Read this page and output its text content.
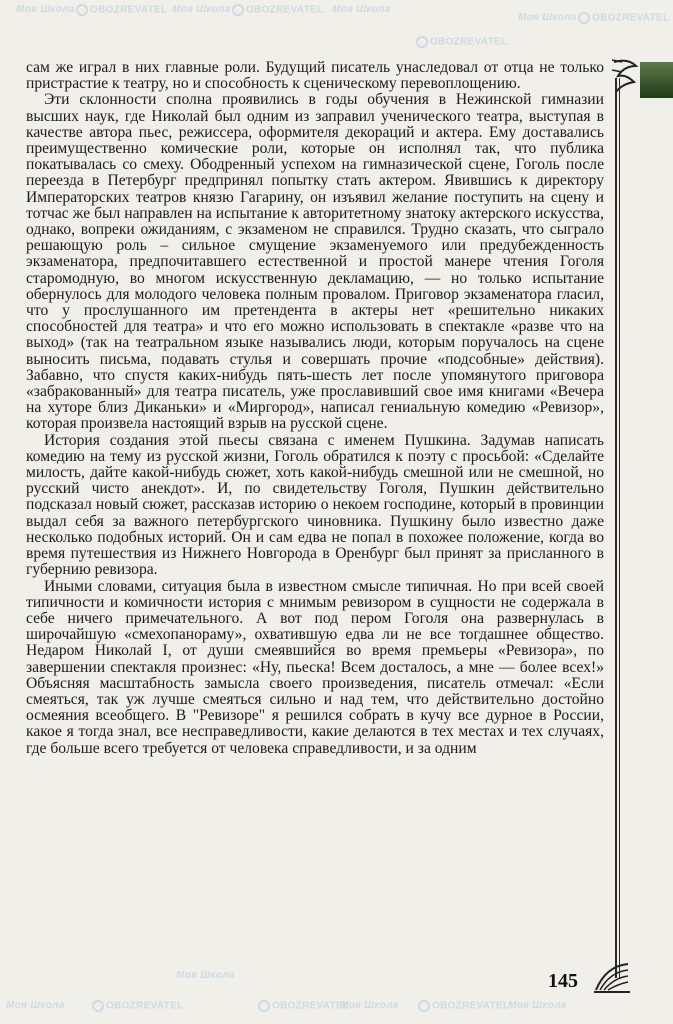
Моя Школа	OBOZREVATEL Моя Школа	OBOZREVATEL Моя Школа
OBOZREVATEL
Моя Школа	OBOZREVATEL
Моя Школа	OBOZREVATEL
Моя Школа
OBOZREVATEL
Моя Школа	OBOZREVATEL
Моя Школа

сам же играл в них главные роли. Будущий писатель унаследовал от отца не только пристрастие к театру, но и способность к сценическому перевоплощению.

Эти склонности сполна проявились в годы обучения в Нежинской гимназии высших наук, где Николай был одним из заправил ученического театра, выступая в качестве автора пьес, режиссера, оформителя декораций и актера. Ему доставались преимущественно комические роли, которые он исполнял так, что публика покатывалась со смеху. Ободренный успехом на гимназической сцене, Гоголь после переезда в Петербург предпринял попытку стать актером. Явившись к директору Императорских театров князю Гагарину, он изъявил желание поступить на сцену и тотчас же был направлен на испытание к авторитетному знатоку актерского искусства, однако, вопреки ожиданиям, с экзаменом не справился. Трудно сказать, что сыграло решающую роль – сильное смущение экзаменуемого или предубежденность экзаменатора, предпочитавшего естественной и простой манере чтения Гоголя старомодную, во многом искусственную декламацию, — но только испытание обернулось для молодого человека полным провалом. Приговор экзаменатора гласил, что у прослушанного им претендента в актеры нет «решительно никаких способностей для театра» и что его можно использовать в спектакле «разве что на выход» (так на театральном языке назывались люди, которым поручалось на сцене выносить письма, подавать стулья и совершать прочие «подсобные» действия). Забавно, что спустя каких-нибудь пять-шесть лет после упомянутого приговора «забракованный» для театра писатель, уже прославивший свое имя книгами «Вечера на хуторе близ Диканьки» и «Миргород», написал гениальную комедию «Ревизор», которая произвела настоящий взрыв на русской сцене.

История создания этой пьесы связана с именем Пушкина. Задумав написать комедию на тему из русской жизни, Гоголь обратился к поэту с просьбой: «Сделайте милость, дайте какой-нибудь сюжет, хоть какой-нибудь смешной или не смешной, но русский чисто анекдот». И, по свидетельству Гоголя, Пушкин действительно подсказал новый сюжет, рассказав историю о некоем господине, который в провинции выдал себя за важного петербургского чиновника. Пушкину было известно даже несколько подобных историй. Он и сам едва не попал в похожее положение, когда во время путешествия из Нижнего Новгорода в Оренбург был принят за присланного в губернию ревизора.

Иными словами, ситуация была в известном смысле типичная. Но при всей своей типичности и комичности история с мнимым ревизором в сущности не содержала в себе ничего примечательного. А вот под пером Гоголя она развернулась в широчайшую «смехопанораму», охватившую едва ли не все тогдашнее общество. Недаром Николай I, от души смеявшийся во время премьеры «Ревизора», по завершении спектакля произнес: «Ну, пьеска! Всем досталось, а мне — более всех!» Объясняя масштабность замысла своего произведения, писатель отмечал: «Если смеяться, так уж лучше смеяться сильно и над тем, что действительно достойно осмеяния всеобщего. В "Ревизоре" я решился собрать в кучу все дурное в России, какое я тогда знал, все несправедливости, какие делаются в тех местах и тех случаях, где больше всего требуется от человека справедливости, и за одним

145
